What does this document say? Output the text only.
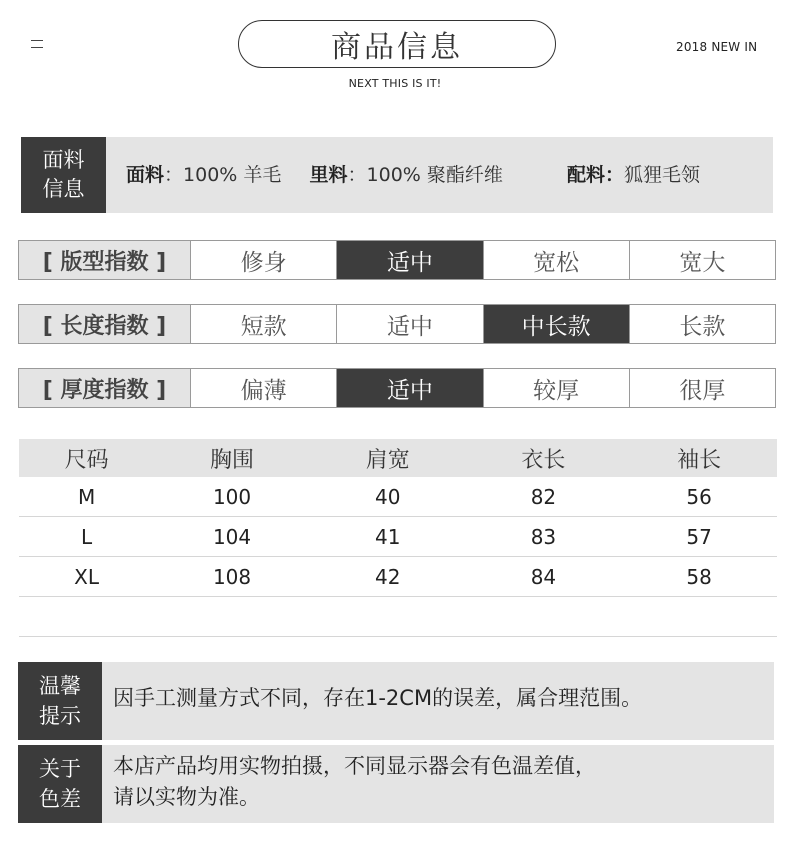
商品信息
NEXT THIS IS IT!
2018 NEW IN
面料
信息
面料：100% 羊毛 里料：100% 聚酯纤维	配料：狐狸毛领
[ 版型指数 ]	修身	适中	宽松	宽大
[ 长度指数 ]	短款	适中	中长款	长款
[ 厚度指数 ]	偏薄	适中	较厚	很厚
尺码	胸围	肩宽	衣长	袖长
M	100	40	82	56
L	104	41	83	57
XL	108	42	84	58
温馨
提示
因手工测量方式不同，存在1-2CM的误差，属合理范围。
关于
色差
本店产品均用实物拍摄，不同显示器会有色温差值，
请以实物为准。
